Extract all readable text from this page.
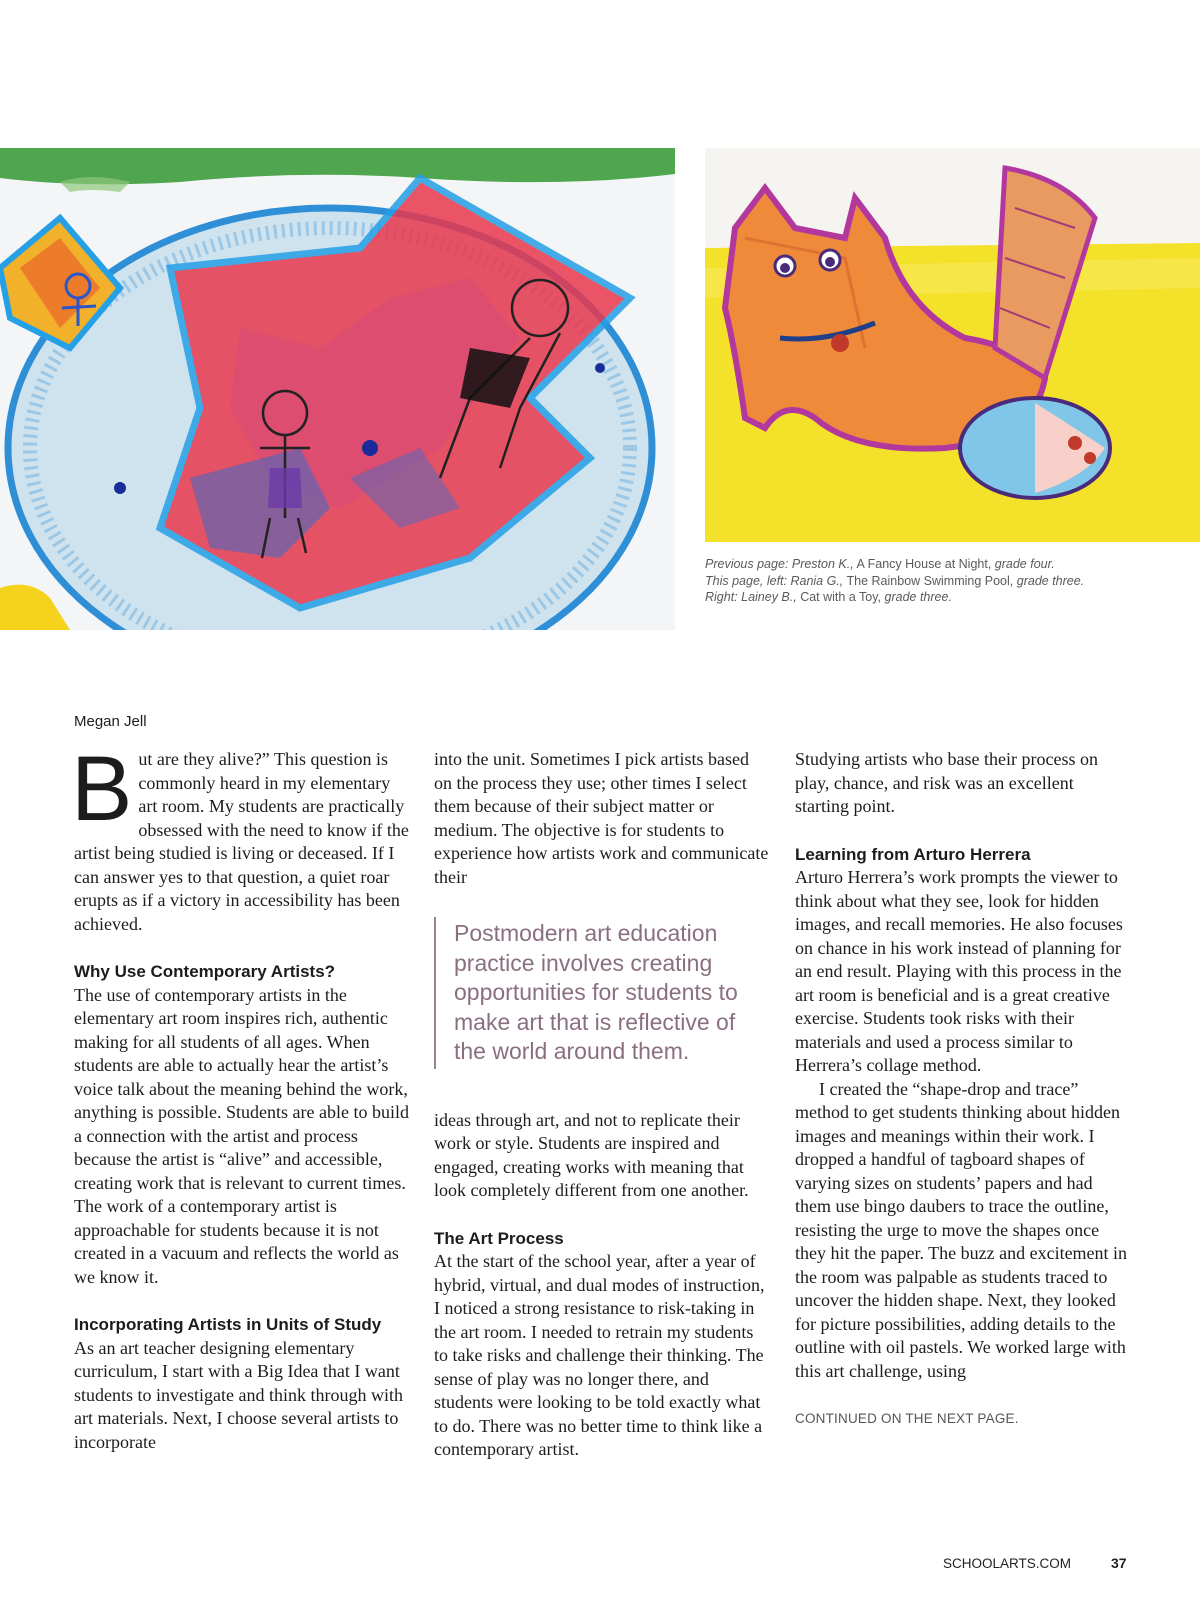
Previous page: Preston K., A Fancy House at Night, grade four.
This page, left: Rania G., The Rainbow Swimming Pool, grade three.
Right: Lainey B., Cat with a Toy, grade three.
Megan Jell

But are they alive?” This question is commonly heard in my elementary art room. My students are practically obsessed with the need to know if the artist being studied is living or deceased. If I can answer yes to that question, a quiet roar erupts as if a victory in accessibility has been achieved.

Why Use Contemporary Artists?

The use of contemporary artists in the elementary art room inspires rich, authentic making for all students of all ages. When students are able to actually hear the artist’s voice talk about the meaning behind the work, anything is possible. Students are able to build a connection with the artist and process because the artist is “alive” and accessible, creating work that is relevant to current times. The work of a contemporary artist is approachable for students because it is not created in a vacuum and reflects the world as we know it.

Incorporating Artists in Units of Study

As an art teacher designing elementary curriculum, I start with a Big Idea that I want students to investigate and think through with art materials. Next, I choose several artists to incorporate

into the unit. Sometimes I pick artists based on the process they use; other times I select them because of their subject matter or medium. The objective is for students to experience how artists work and communicate their

Postmodern art education practice involves creating opportunities for students to make art that is reflective of the world around them.

ideas through art, and not to replicate their work or style. Students are inspired and engaged, creating works with meaning that look completely different from one another.

The Art Process

At the start of the school year, after a year of hybrid, virtual, and dual modes of instruction, I noticed a strong resistance to risk-taking in the art room. I needed to retrain my students to take risks and challenge their thinking. The sense of play was no longer there, and students were looking to be told exactly what to do. There was no better time to think like a contemporary artist.

Studying artists who base their process on play, chance, and risk was an excellent starting point.

Learning from Arturo Herrera

Arturo Herrera’s work prompts the viewer to think about what they see, look for hidden images, and recall memories. He also focuses on chance in his work instead of planning for an end result. Playing with this process in the art room is beneficial and is a great creative exercise. Students took risks with their materials and used a process similar to Herrera’s collage method.

I created the “shape-drop and trace” method to get students thinking about hidden images and meanings within their work. I dropped a handful of tagboard shapes of varying sizes on students’ papers and had them use bingo daubers to trace the outline, resisting the urge to move the shapes once they hit the paper. The buzz and excitement in the room was palpable as students traced to uncover the hidden shape. Next, they looked for picture possibilities, adding details to the outline with oil pastels. We worked large with this art challenge, using

CONTINUED ON THE NEXT PAGE.
SCHOOLARTS.COM	37
